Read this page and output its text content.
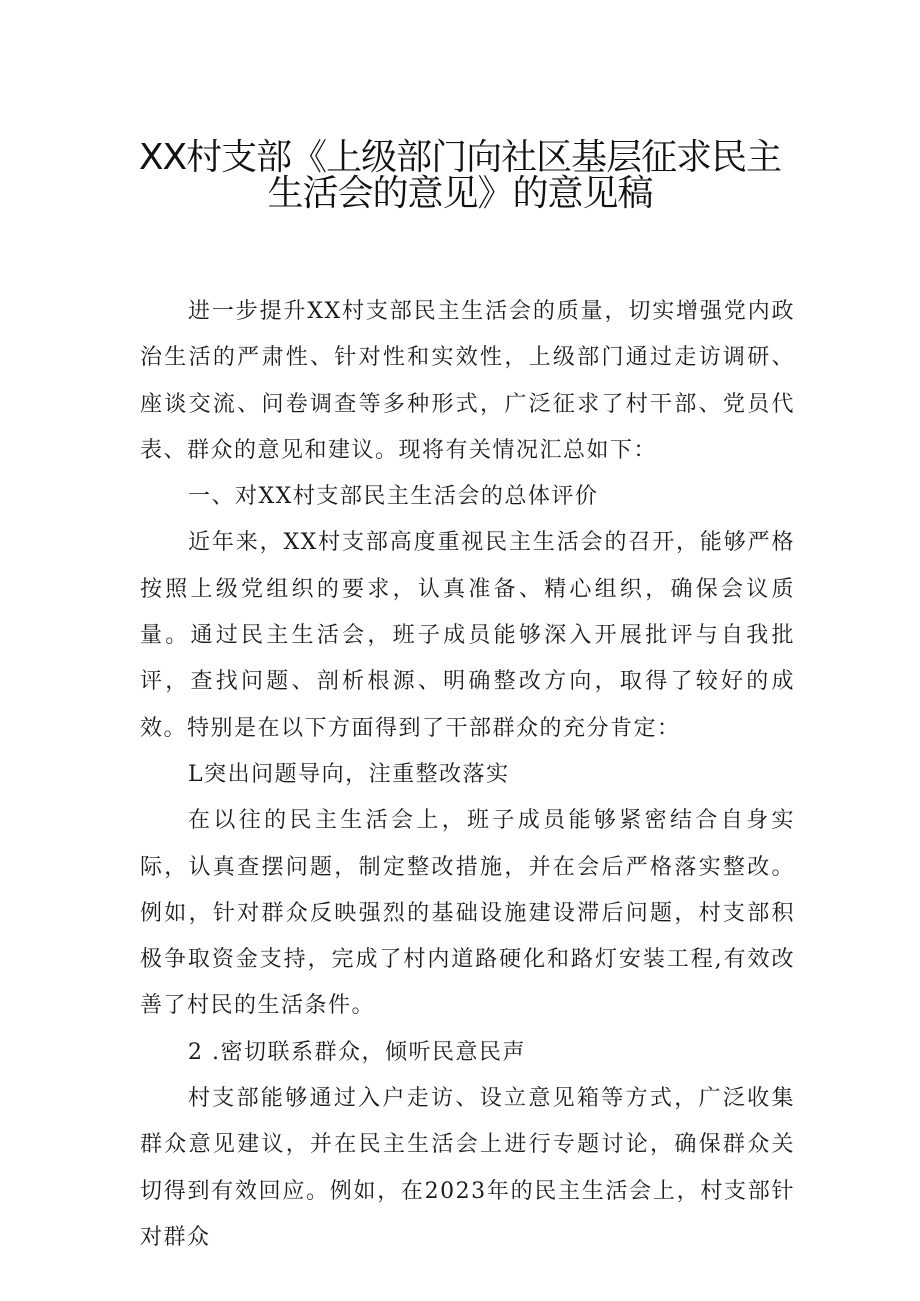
XX村支部《上级部门向社区基层征求民主
生活会的意见》的意见稿

进一步提升XX村支部民主生活会的质量，切实增强党内政治生活的严肃性、针对性和实效性，上级部门通过走访调研、座谈交流、问卷调查等多种形式，广泛征求了村干部、党员代表、群众的意见和建议。现将有关情况汇总如下：

一、对XX村支部民主生活会的总体评价

近年来，XX村支部高度重视民主生活会的召开，能够严格按照上级党组织的要求，认真准备、精心组织，确保会议质量。通过民主生活会，班子成员能够深入开展批评与自我批评，查找问题、剖析根源、明确整改方向，取得了较好的成效。特别是在以下方面得到了干部群众的充分肯定：

L突出问题导向，注重整改落实

在以往的民主生活会上，班子成员能够紧密结合自身实际，认真查摆问题，制定整改措施，并在会后严格落实整改。例如，针对群众反映强烈的基础设施建设滞后问题，村支部积极争取资金支持，完成了村内道路硬化和路灯安装工程,有效改善了村民的生活条件。

2 .密切联系群众，倾听民意民声

村支部能够通过入户走访、设立意见箱等方式，广泛收集群众意见建议，并在民主生活会上进行专题讨论，确保群众关切得到有效回应。例如，在2023年的民主生活会上，村支部针对群众
